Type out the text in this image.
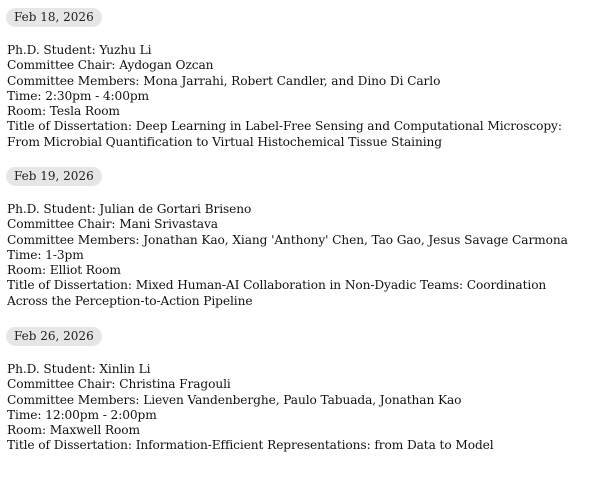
Feb 18, 2026
Ph.D. Student: Yuzhu Li
Committee Chair: Aydogan Ozcan
Committee Members: Mona Jarrahi, Robert Candler, and Dino Di Carlo
Time: 2:30pm - 4:00pm
Room: Tesla Room
Title of Dissertation: Deep Learning in Label-Free Sensing and Computational Microscopy: From Microbial Quantification to Virtual Histochemical Tissue Staining
Feb 19, 2026
Ph.D. Student: Julian de Gortari Briseno
Committee Chair: Mani Srivastava
Committee Members: Jonathan Kao, Xiang 'Anthony' Chen, Tao Gao, Jesus Savage Carmona
Time: 1-3pm
Room: Elliot Room
Title of Dissertation: Mixed Human-AI Collaboration in Non-Dyadic Teams: Coordination Across the Perception-to-Action Pipeline
Feb 26, 2026
Ph.D. Student: Xinlin Li
Committee Chair: Christina Fragouli
Committee Members: Lieven Vandenberghe, Paulo Tabuada, Jonathan Kao
Time: 12:00pm - 2:00pm
Room: Maxwell Room
Title of Dissertation: Information-Efficient Representations: from Data to Model
